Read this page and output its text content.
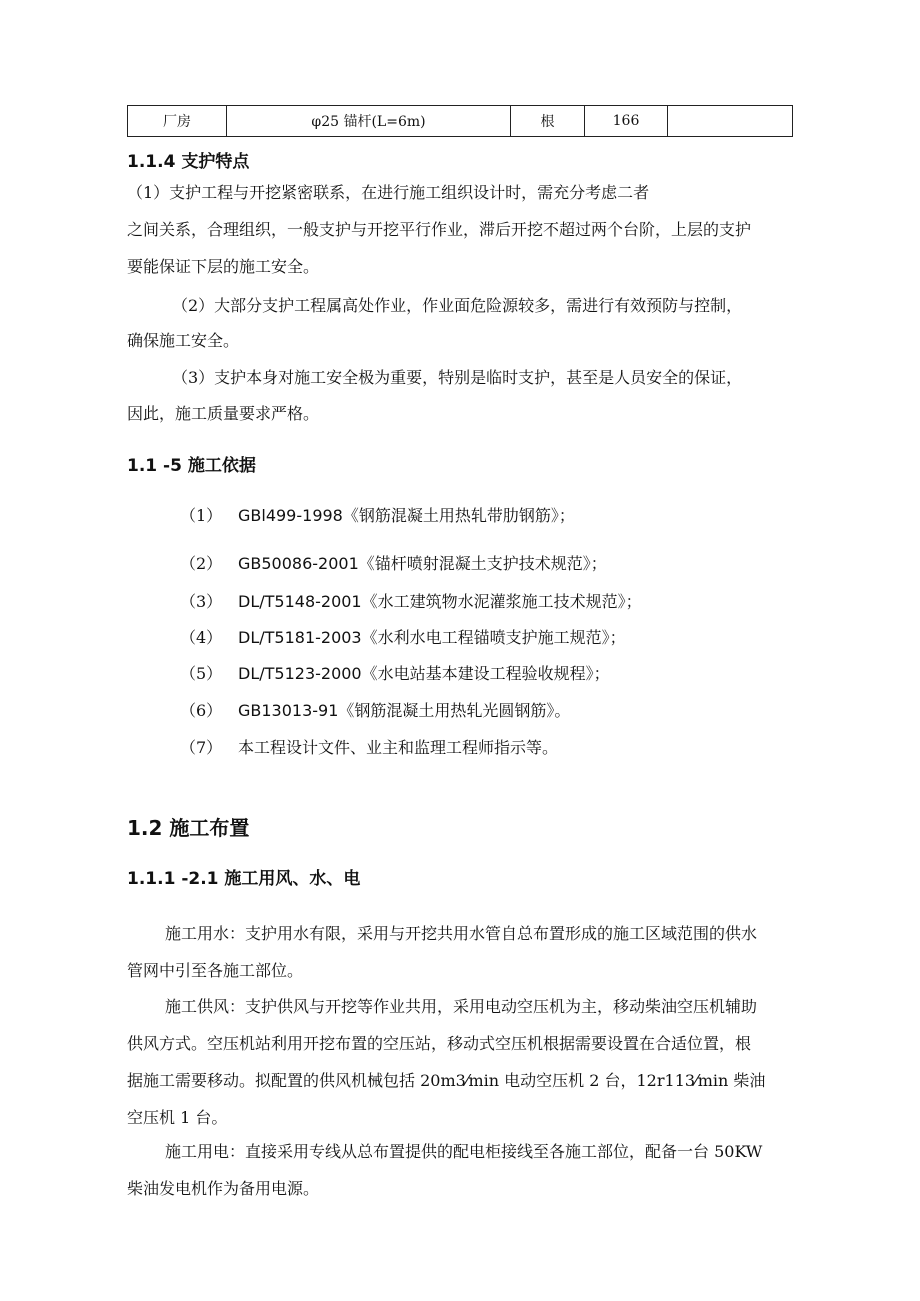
厂房	φ25 锚杆(L=6m)	根	166	
1.1.4 支护特点
（1）支护工程与开挖紧密联系，在进行施工组织设计时，需充分考虑二者
之间关系，合理组织，一般支护与开挖平行作业，滞后开挖不超过两个台阶，上层的支护
要能保证下层的施工安全。
（2）大部分支护工程属高处作业，作业面危险源较多，需进行有效预防与控制，
确保施工安全。
（3）支护本身对施工安全极为重要，特别是临时支护，甚至是人员安全的保证，
因此，施工质量要求严格。
1.1 -5 施工依据
（1） GBl499-1998《钢筋混凝土用热轧带肋钢筋》；
（2） GB50086-2001《锚杆喷射混凝土支护技术规范》；
（3） DL/T5148-2001《水工建筑物水泥灌浆施工技术规范》；
（4） DL/T5181-2003《水利水电工程锚喷支护施工规范》；
（5） DL/T5123-2000《水电站基本建设工程验收规程》；
（6） GB13013-91《钢筋混凝土用热轧光圆钢筋》。
（7） 本工程设计文件、业主和监理工程师指示等。
1.2 施工布置
1.1.1 -2.1 施工用风、水、电
施工用水：支护用水有限，采用与开挖共用水管自总布置形成的施工区域范围的供水
管网中引至各施工部位。
施工供风：支护供风与开挖等作业共用，采用电动空压机为主，移动柴油空压机辅助
供风方式。空压机站利用开挖布置的空压站，移动式空压机根据需要设置在合适位置，根
据施工需要移动。拟配置的供风机械包括 20m3⁄min 电动空压机 2 台，12r113⁄min 柴油
空压机 1 台。
施工用电：直接采用专线从总布置提供的配电柜接线至各施工部位，配备一台 50KW
柴油发电机作为备用电源。
